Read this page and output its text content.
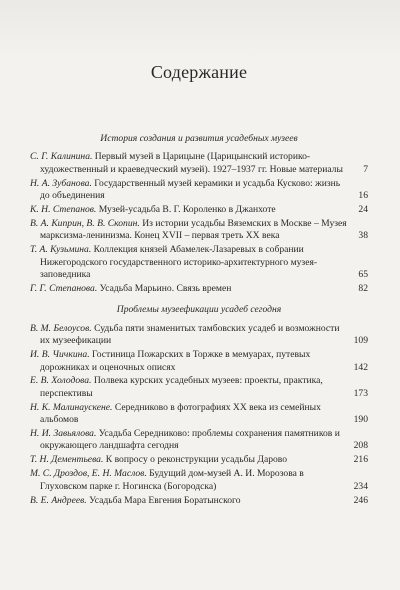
Содержание
История создания и развития усадебных музеев
С. Г. Калинина. Первый музей в Царицыне (Царицынский историко-художественный и краеведческий музей). 1927–1937 гг. Новые материалы 7
Н. А. Зубанова. Государственный музей керамики и усадьба Кусково: жизнь до объединения	16
К. Н. Степанов. Музей-усадьба В. Г. Короленко в Джанхоте	24
В. А. Киприн, В. В. Скопин. Из истории усадьбы Вяземских в Москве – Музея марксизма-ленинизма. Конец XVII – первая треть XX века	38
Т. А. Кузьмина. Коллекция князей Абамелек-Лазаревых в собрании Нижегородского государственного историко-архитектурного музея-заповедника	65
Г. Г. Степанова. Усадьба Марьино. Связь времен	82
Проблемы музеефикации усадеб сегодня
В. М. Белоусов. Судьба пяти знаменитых тамбовских усадеб и возможности их музеефикации	109
И. В. Чичкина. Гостиница Пожарских в Торжке в мемуарах, путевых дорожниках и оценочных описях	142
Е. В. Холодова. Полвека курских усадебных музеев: проекты, практика, перспективы	173
Н. К. Малинаускене. Середниково в фотографиях XX века из семейных альбомов	190
Н. И. Завьялова. Усадьба Середниково: проблемы сохранения памятников и окружающего ландшафта сегодня	208
Т. Н. Дементьева. К вопросу о реконструкции усадьбы Дарово	216
М. С. Дроздов, Е. Н. Маслов. Будущий дом-музей А. И. Морозова в Глуховском парке г. Ногинска (Богородска)	234
В. Е. Андреев. Усадьба Мара Евгения Боратынского	246
